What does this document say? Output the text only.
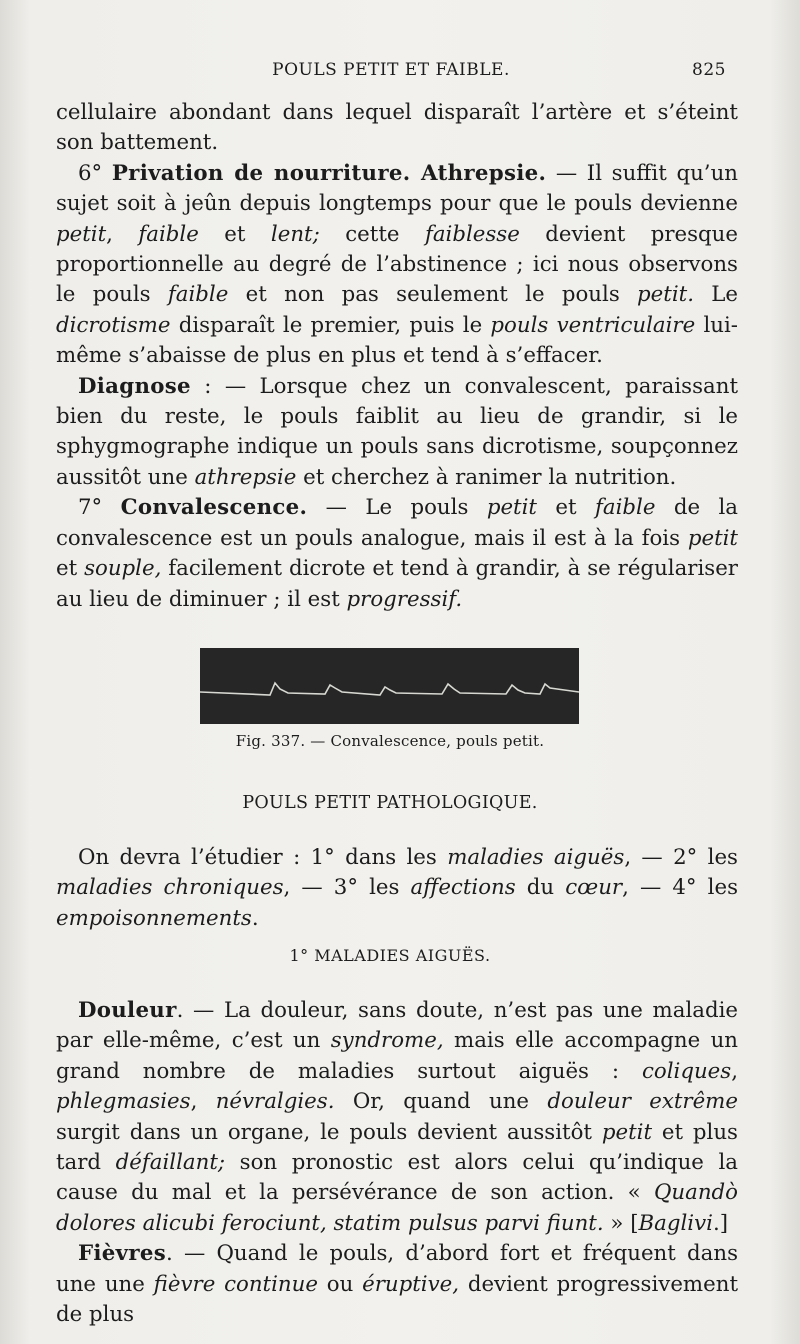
POULS PETIT ET FAIBLE.	825

cellulaire abondant dans lequel disparaît l’artère et s’éteint son battement.

6° Privation de nourriture. Athrepsie. — Il suffit qu’un sujet soit à jeûn depuis longtemps pour que le pouls devienne petit, faible et lent; cette faiblesse devient presque proportionnelle au degré de l’abstinence ; ici nous observons le pouls faible et non pas seulement le pouls petit. Le dicrotisme disparaît le premier, puis le pouls ventriculaire lui-même s’abaisse de plus en plus et tend à s’effacer.

Diagnose : — Lorsque chez un convalescent, paraissant bien du reste, le pouls faiblit au lieu de grandir, si le sphygmographe indique un pouls sans dicrotisme, soupçonnez aussitôt une athrepsie et cherchez à ranimer la nutrition.

7° Convalescence. — Le pouls petit et faible de la convalescence est un pouls analogue, mais il est à la fois petit et souple, facilement dicrote et tend à grandir, à se régulariser au lieu de diminuer ; il est progressif.

Fig. 337. — Convalescence, pouls petit.
POULS PETIT PATHOLOGIQUE.

On devra l’étudier : 1° dans les maladies aiguës, — 2° les maladies chroniques, — 3° les affections du cœur, — 4° les empoisonnements.

1° MALADIES AIGUËS.

Douleur. — La douleur, sans doute, n’est pas une maladie par elle-même, c’est un syndrome, mais elle accompagne un grand nombre de maladies surtout aiguës : coliques, phlegmasies, névralgies. Or, quand une douleur extrême surgit dans un organe, le pouls devient aussitôt petit et plus tard défaillant; son pronostic est alors celui qu’indique la cause du mal et la persévérance de son action. « Quandò dolores alicubi ferociunt, statim pulsus parvi fiunt. » [Baglivi.]

Fièvres. — Quand le pouls, d’abord fort et fréquent dans une une fièvre continue ou éruptive, devient progressivement de plus
